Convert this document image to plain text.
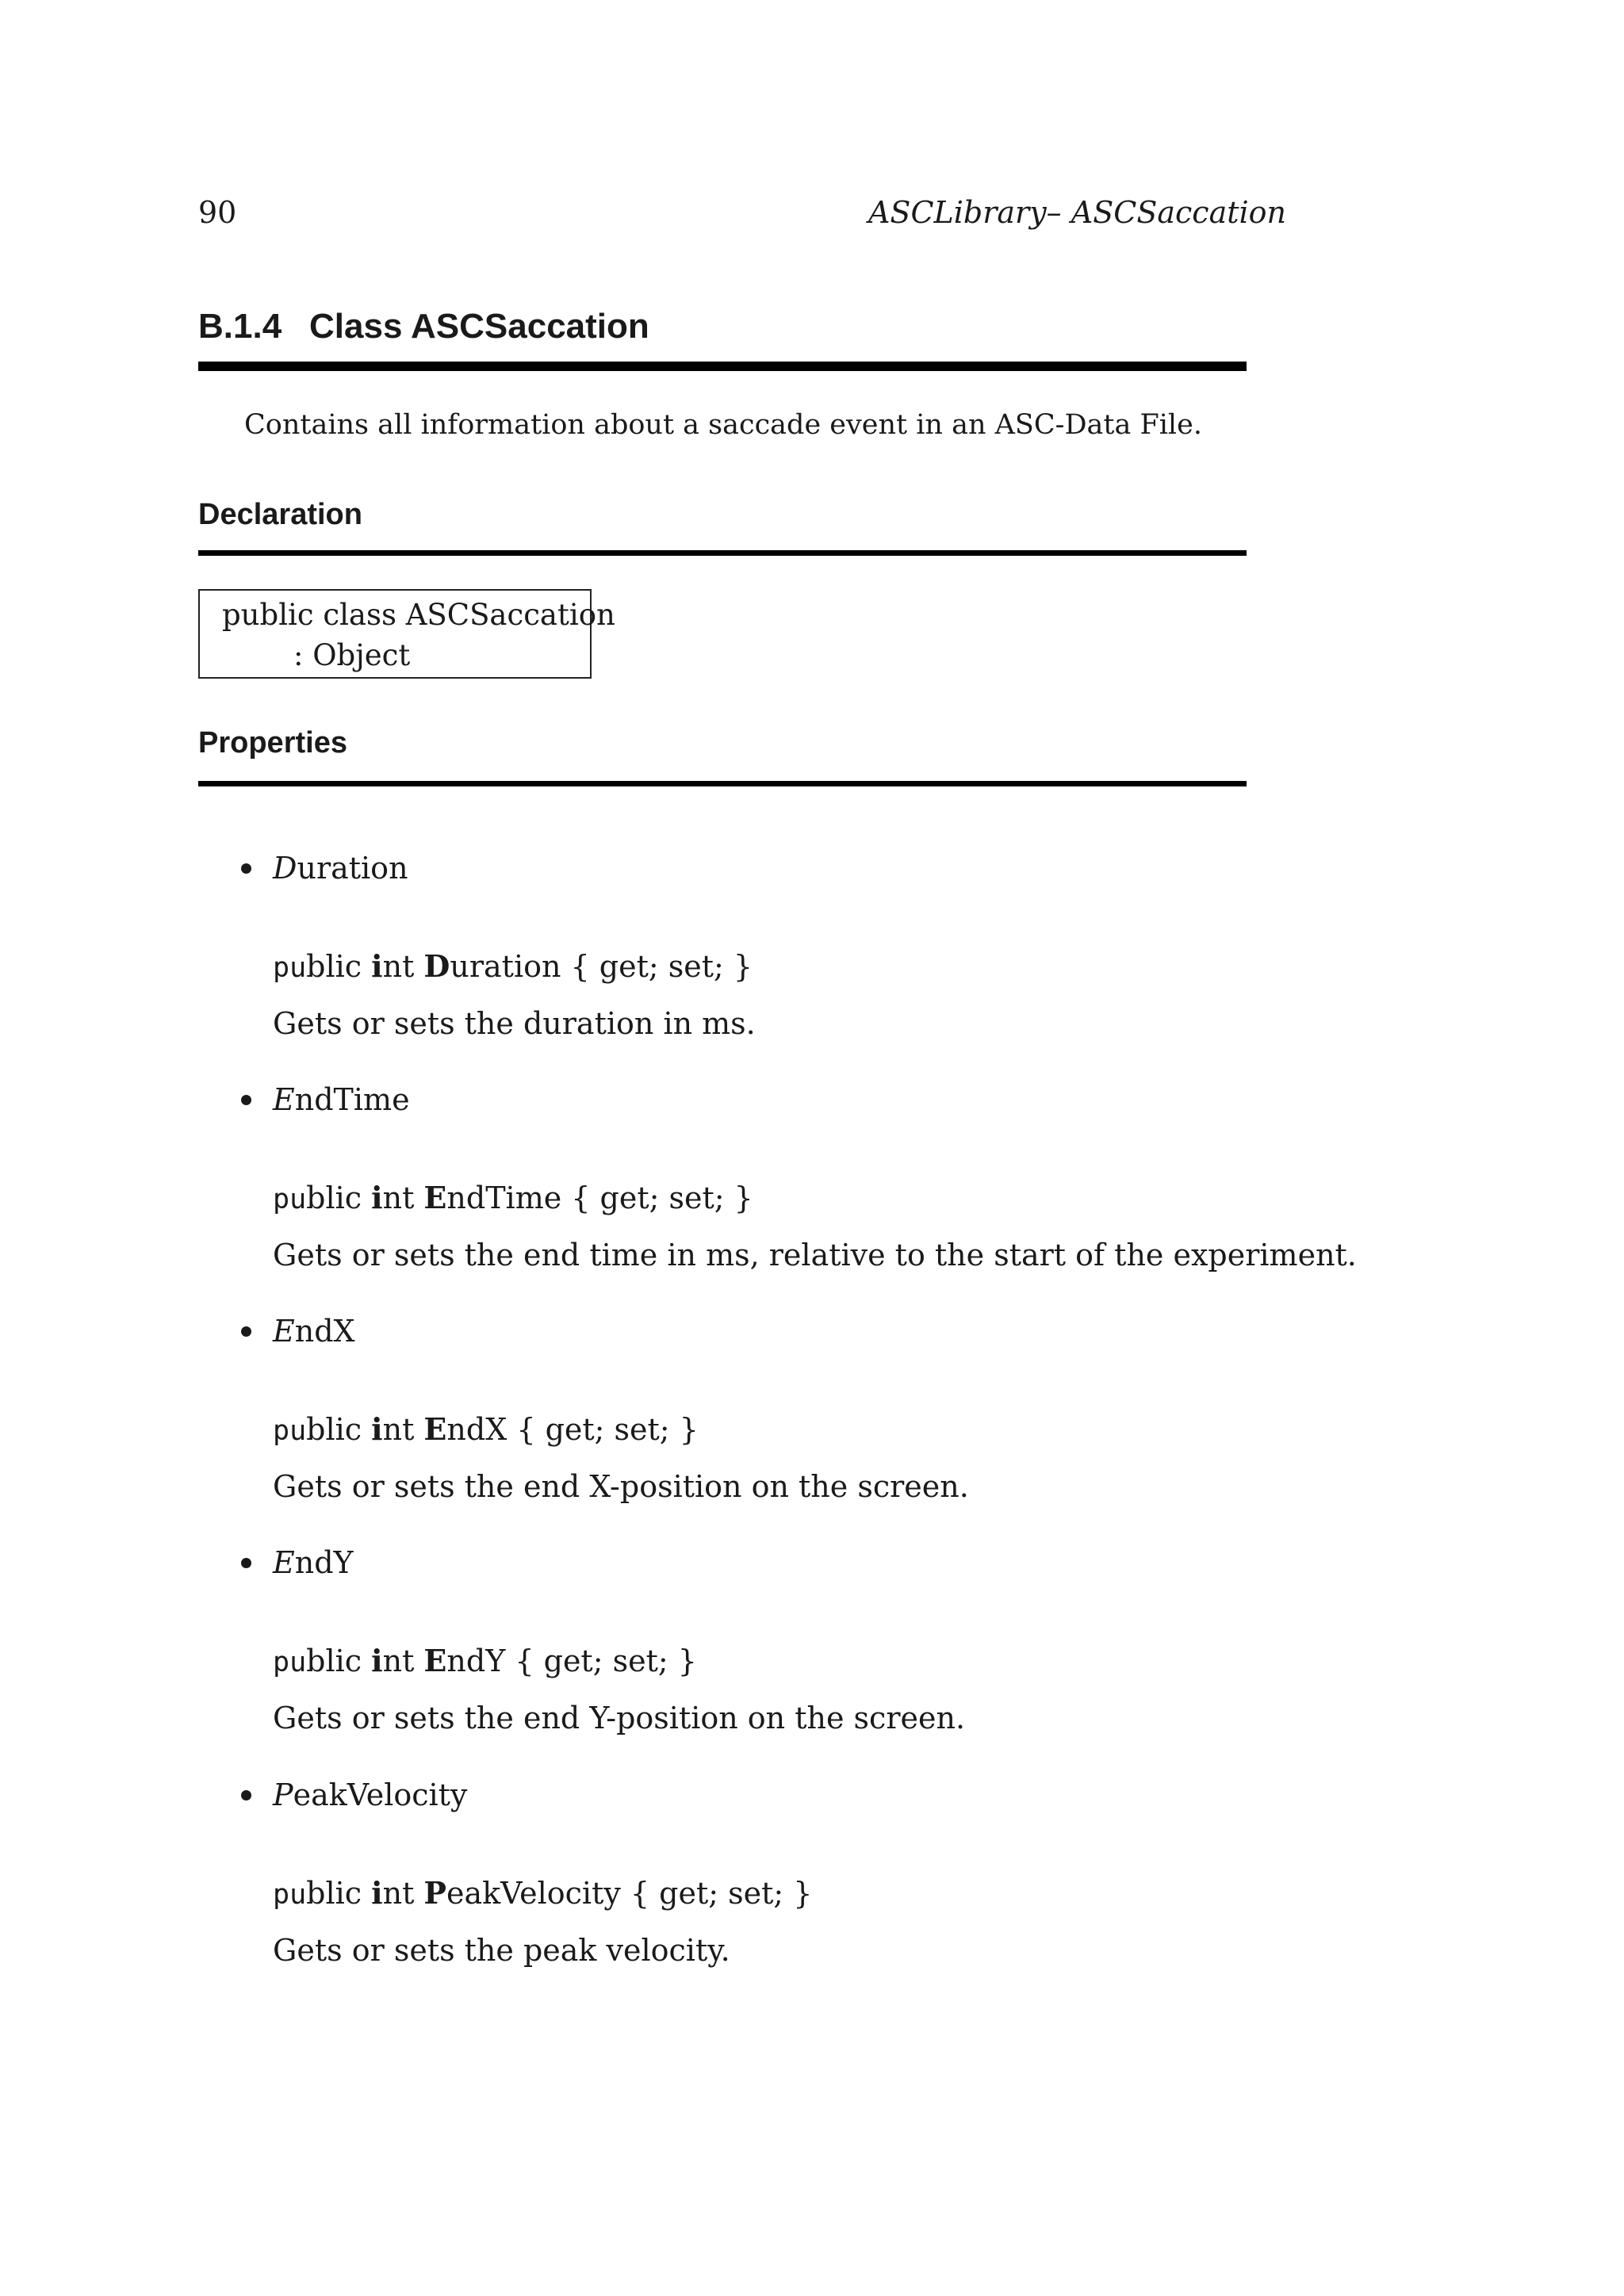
90	ASCLibrary– ASCSaccation
B.1.4 Class ASCSaccation
Contains all information about a saccade event in an ASC-Data File.
Declaration
public class ASCSaccation
: Object
Properties
Duration
public int Duration { get; set; }
Gets or sets the duration in ms.
EndTime
public int EndTime { get; set; }
Gets or sets the end time in ms, relative to the start of the experiment.
EndX
public int EndX { get; set; }
Gets or sets the end X-position on the screen.
EndY
public int EndY { get; set; }
Gets or sets the end Y-position on the screen.
PeakVelocity
public int PeakVelocity { get; set; }
Gets or sets the peak velocity.
